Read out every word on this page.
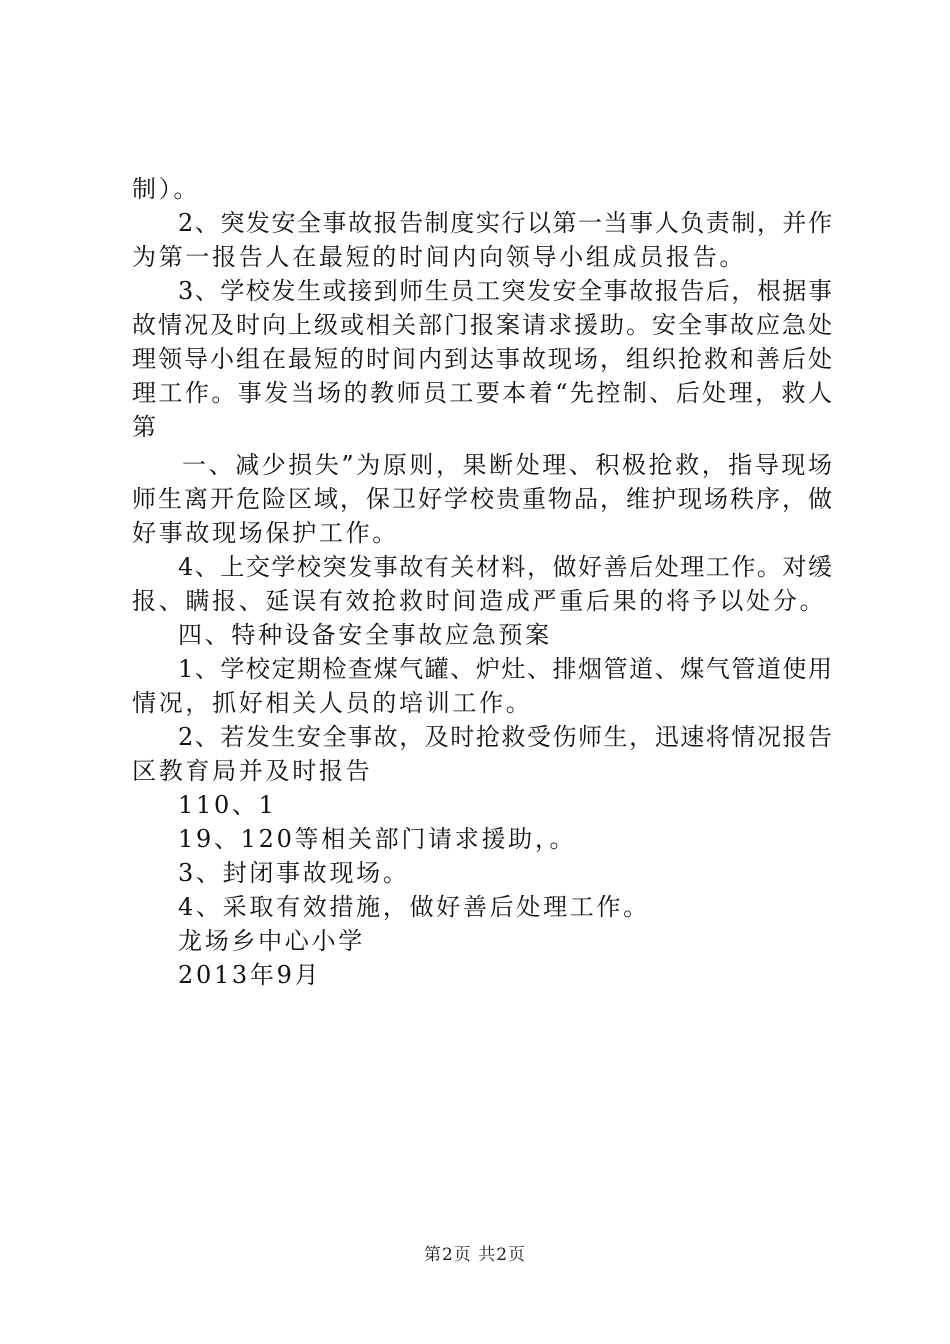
制）。
2、突发安全事故报告制度实行以第一当事人负责制，并作
为第一报告人在最短的时间内向领导小组成员报告。
3、学校发生或接到师生员工突发安全事故报告后，根据事
故情况及时向上级或相关部门报案请求援助。安全事故应急处
理领导小组在最短的时间内到达事故现场，组织抢救和善后处
理工作。事发当场的教师员工要本着“先控制、后处理，救人
第
一、减少损失”为原则，果断处理、积极抢救，指导现场
师生离开危险区域，保卫好学校贵重物品，维护现场秩序，做
好事故现场保护工作。
4、上交学校突发事故有关材料，做好善后处理工作。对缓
报、瞒报、延误有效抢救时间造成严重后果的将予以处分。
四、特种设备安全事故应急预案
1、学校定期检查煤气罐、炉灶、排烟管道、煤气管道使用
情况，抓好相关人员的培训工作。
2、若发生安全事故，及时抢救受伤师生，迅速将情况报告
区教育局并及时报告
110、1
19、120等相关部门请求援助，。
3、封闭事故现场。
4、采取有效措施，做好善后处理工作。
龙场乡中心小学
2013年9月
第2页 共2页
